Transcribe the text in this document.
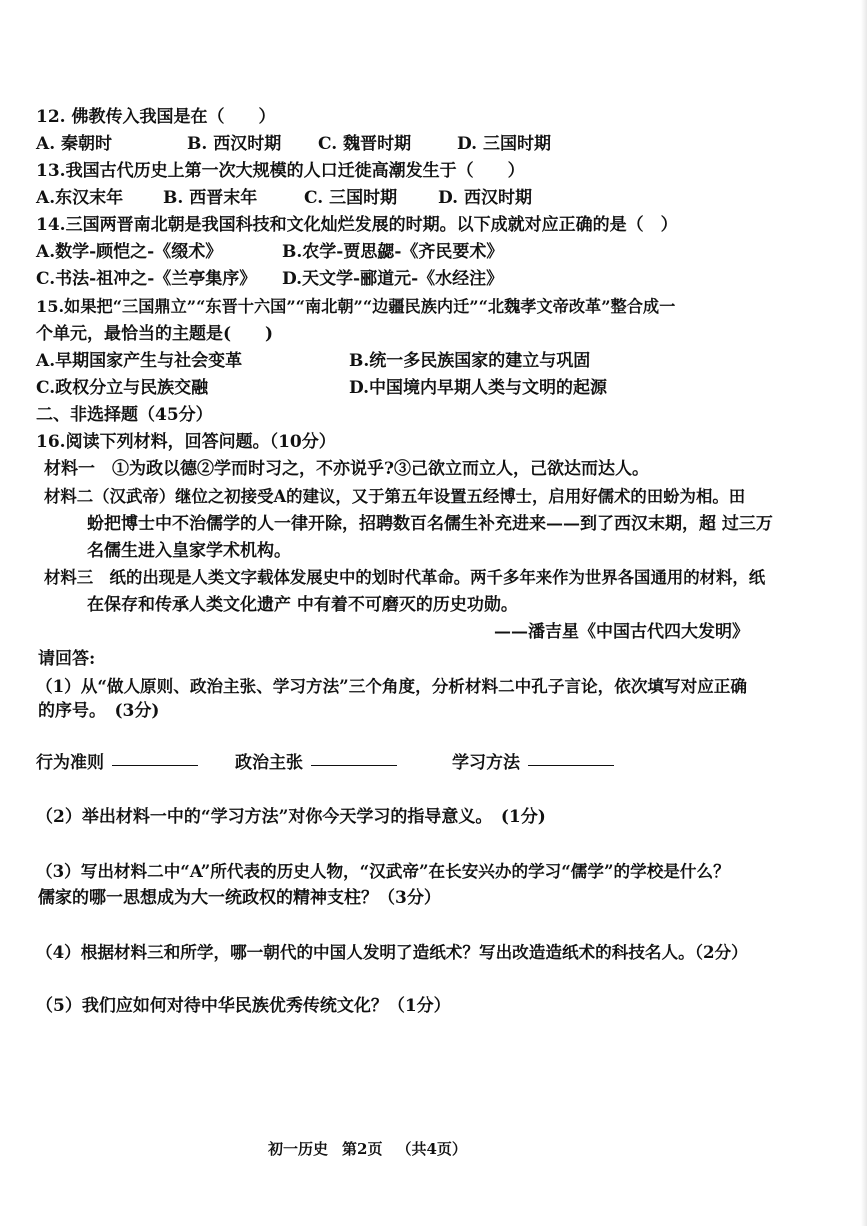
12. 佛教传入我国是在（　　）
A. 秦朝时	B. 西汉时期 C. 魏晋时期	D. 三国时期
13.我国古代历史上第一次大规模的人口迁徙高潮发生于（　　）
A.东汉末年 B. 西晋末年	C. 三国时期 D. 西汉时期
14.三国两晋南北朝是我国科技和文化灿烂发展的时期。以下成就对应正确的是（　）
A.数学-顾恺之-《缀术》	B.农学-贾思勰-《齐民要术》
C.书法-祖冲之-《兰亭集序》 D.天文学-郦道元-《水经注》
15.如果把“三国鼎立”“东晋十六国”“南北朝”“边疆民族内迁”“北魏孝文帝改革”整合成一
个单元，最恰当的主题是(　　)
A.早期国家产生与社会变革	B.统一多民族国家的建立与巩固
C.政权分立与民族交融	D.中国境内早期人类与文明的起源
二、非选择题（45分）
16.阅读下列材料，回答问题。（10分）
材料一　①为政以德②学而时习之，不亦说乎?③己欲立而立人，己欲达而达人。
材料二（汉武帝）继位之初接受A的建议，又于第五年设置五经博士，启用好儒术的田蚡为相。田
蚡把博士中不治儒学的人一律开除，招聘数百名儒生补充进来——到了西汉末期，超 过三万
名儒生进入皇家学术机构。
材料三　纸的出现是人类文字载体发展史中的划时代革命。两千多年来作为世界各国通用的材料，纸
在保存和传承人类文化遗产 中有着不可磨灭的历史功勋。
——潘吉星《中国古代四大发明》
请回答:
（1）从“做人原则、政治主张、学习方法”三个角度，分析材料二中孔子言论，依次填写对应正确
的序号。　(3分)
行为准则	政治主张	学习方法
（2）举出材料一中的“学习方法”对你今天学习的指导意义。　(1分)
（3）写出材料二中“A”所代表的历史人物，“汉武帝”在长安兴办的学习“儒学”的学校是什么？
儒家的哪一思想成为大一统政权的精神支柱？（3分）
（4）根据材料三和所学，哪一朝代的中国人发明了造纸术？写出改造造纸术的科技名人。（2分）
（5）我们应如何对待中华民族优秀传统文化？（1分）
初一历史 第2页 （共4页）
